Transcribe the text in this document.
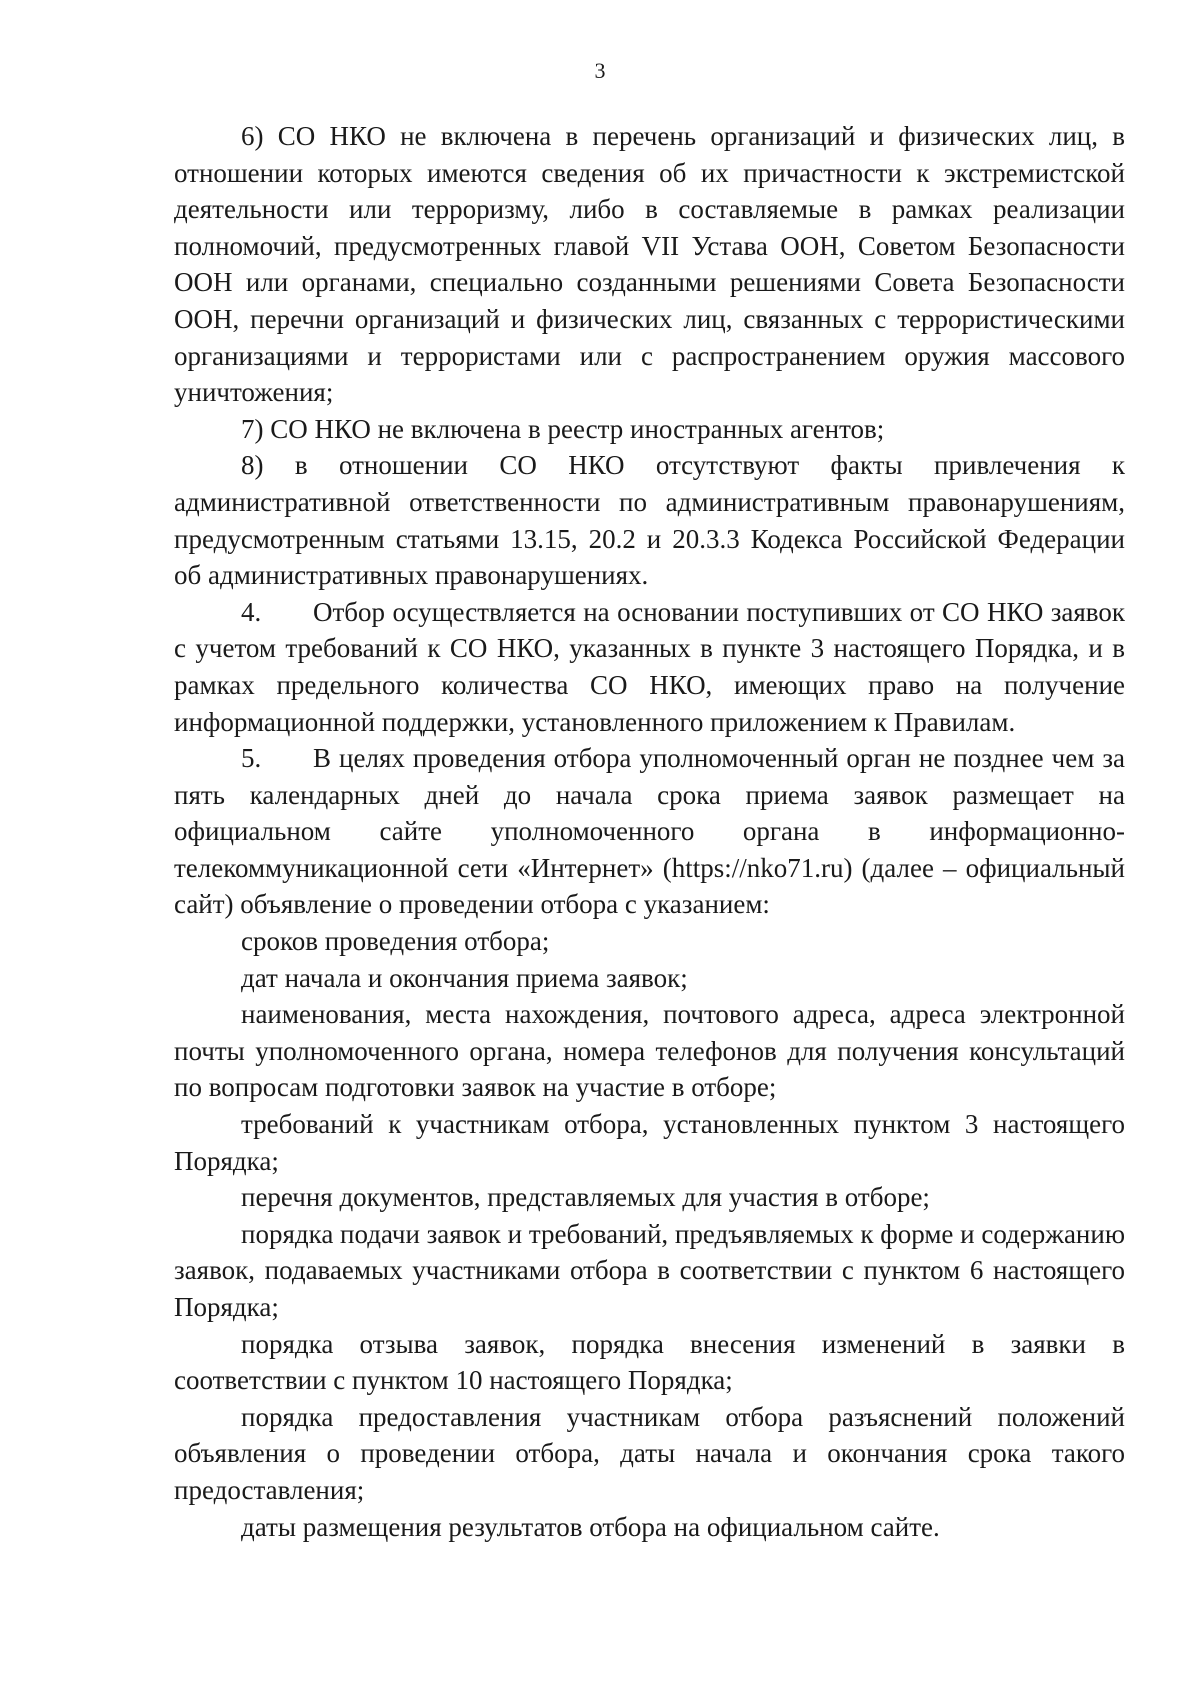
3

6) СО НКО не включена в перечень организаций и физических лиц, в отношении которых имеются сведения об их причастности к экстремистской деятельности или терроризму, либо в составляемые в рамках реализации полномочий, предусмотренных главой VII Устава ООН, Советом Безопасности ООН или органами, специально созданными решениями Совета Безопасности ООН, перечни организаций и физических лиц, связанных с террористическими организациями и террористами или с распространением оружия массового уничтожения;

7) СО НКО не включена в реестр иностранных агентов;

8) в отношении СО НКО отсутствуют факты привлечения к административной ответственности по административным правонарушениям, предусмотренным статьями 13.15, 20.2 и 20.3.3 Кодекса Российской Федерации об административных правонарушениях.

4. Отбор осуществляется на основании поступивших от СО НКО заявок с учетом требований к СО НКО, указанных в пункте 3 настоящего Порядка, и в рамках предельного количества СО НКО, имеющих право на получение информационной поддержки, установленного приложением к Правилам.

5. В целях проведения отбора уполномоченный орган не позднее чем за пять календарных дней до начала срока приема заявок размещает на официальном сайте уполномоченного органа в информационно-телекоммуникационной сети «Интернет» (https://nko71.ru) (далее – официальный сайт) объявление о проведении отбора с указанием:

сроков проведения отбора;

дат начала и окончания приема заявок;

наименования, места нахождения, почтового адреса, адреса электронной почты уполномоченного органа, номера телефонов для получения консультаций по вопросам подготовки заявок на участие в отборе;

требований к участникам отбора, установленных пунктом 3 настоящего Порядка;

перечня документов, представляемых для участия в отборе;

порядка подачи заявок и требований, предъявляемых к форме и содержанию заявок, подаваемых участниками отбора в соответствии с пунктом 6 настоящего Порядка;

порядка отзыва заявок, порядка внесения изменений в заявки в соответствии с пунктом 10 настоящего Порядка;

порядка предоставления участникам отбора разъяснений положений объявления о проведении отбора, даты начала и окончания срока такого предоставления;

даты размещения результатов отбора на официальном сайте.
